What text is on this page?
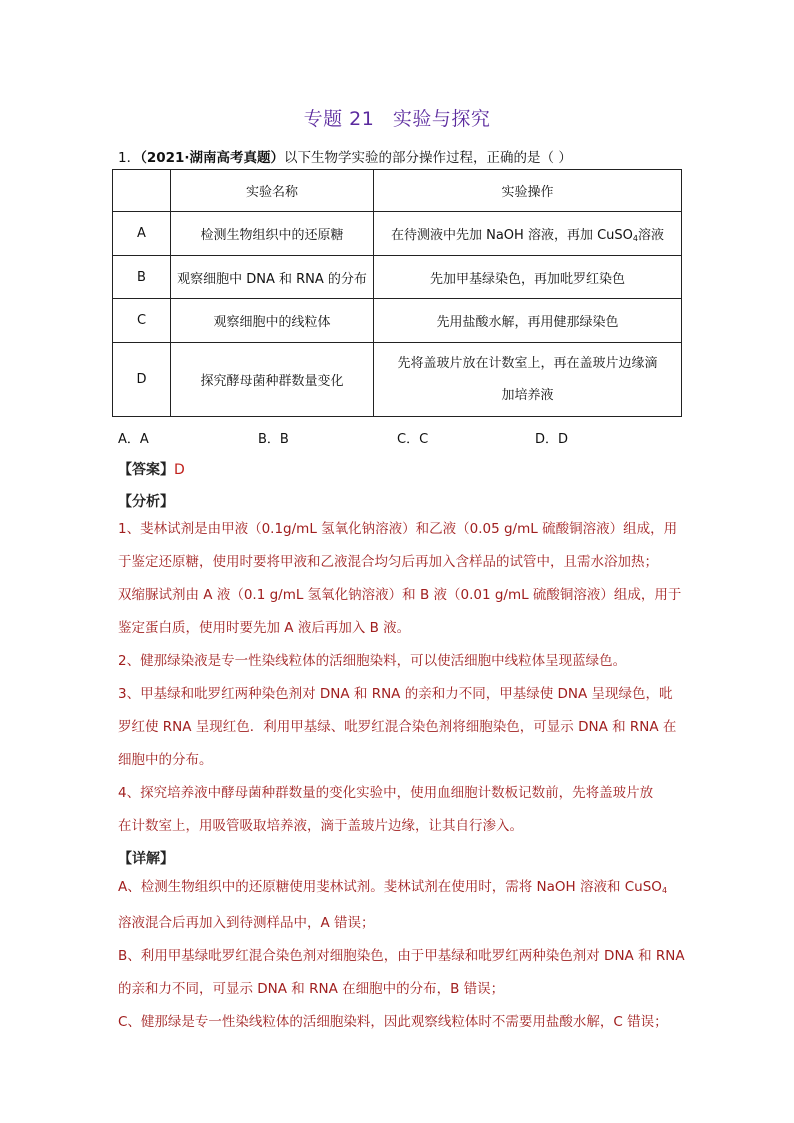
专题 21 实验与探究
1．（2021·湖南高考真题）以下生物学实验的部分操作过程，正确的是（ ）
	实验名称	实验操作
A	检测生物组织中的还原糖	在待测液中先加 NaOH 溶液，再加 CuSO$_4$溶液
B	观察细胞中 DNA 和 RNA 的分布	先加甲基绿染色，再加吡罗红染色
C	观察细胞中的线粒体	先用盐酸水解，再用健那绿染色
D	探究酵母菌种群数量变化	先将盖玻片放在计数室上，再在盖玻片边缘滴
加培养液
A．A	B．B	C．C	D．D
【答案】D
【分析】
1、斐林试剂是由甲液（0.1g/mL 氢氧化钠溶液）和乙液（0.05 g/mL 硫酸铜溶液）组成，用
于鉴定还原糖，使用时要将甲液和乙液混合均匀后再加入含样品的试管中，且需水浴加热；
双缩脲试剂由 A 液（0.1 g/mL 氢氧化钠溶液）和 B 液（0.01 g/mL 硫酸铜溶液）组成，用于
鉴定蛋白质，使用时要先加 A 液后再加入 B 液。
2、健那绿染液是专一性染线粒体的活细胞染料，可以使活细胞中线粒体呈现蓝绿色。
3、甲基绿和吡罗红两种染色剂对 DNA 和 RNA 的亲和力不同，甲基绿使 DNA 呈现绿色，吡
罗红使 RNA 呈现红色．利用甲基绿、吡罗红混合染色剂将细胞染色，可显示 DNA 和 RNA 在
细胞中的分布。
4、探究培养液中酵母菌种群数量的变化实验中，使用血细胞计数板记数前，先将盖玻片放
在计数室上，用吸管吸取培养液，滴于盖玻片边缘，让其自行渗入。
【详解】
A、检测生物组织中的还原糖使用斐林试剂。斐林试剂在使用时，需将 NaOH 溶液和 CuSO$_4$
溶液混合后再加入到待测样品中，A 错误；
B、利用甲基绿吡罗红混合染色剂对细胞染色，由于甲基绿和吡罗红两种染色剂对 DNA 和 RNA
的亲和力不同，可显示 DNA 和 RNA 在细胞中的分布，B 错误；
C、健那绿是专一性染线粒体的活细胞染料，因此观察线粒体时不需要用盐酸水解，C 错误；
